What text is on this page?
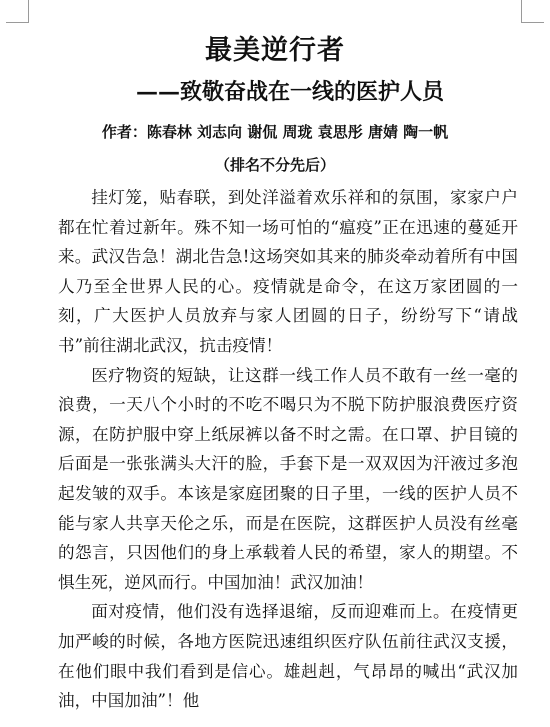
最美逆行者
——致敬奋战在一线的医护人员
作者：陈春林 刘志向 谢侃 周珑 袁思彤 唐婧 陶一帆
（排名不分先后）

挂灯笼，贴春联，到处洋溢着欢乐祥和的氛围，家家户户都在忙着过新年。殊不知一场可怕的“瘟疫”正在迅速的蔓延开来。武汉告急！湖北告急!这场突如其来的肺炎牵动着所有中国人乃至全世界人民的心。疫情就是命令，在这万家团圆的一刻，广大医护人员放弃与家人团圆的日子，纷纷写下“请战书”前往湖北武汉，抗击疫情！

医疗物资的短缺，让这群一线工作人员不敢有一丝一毫的浪费，一天八个小时的不吃不喝只为不脱下防护服浪费医疗资源，在防护服中穿上纸尿裤以备不时之需。在口罩、护目镜的后面是一张张满头大汗的脸，手套下是一双双因为汗液过多泡起发皱的双手。本该是家庭团聚的日子里，一线的医护人员不能与家人共享天伦之乐，而是在医院，这群医护人员没有丝毫的怨言，只因他们的身上承载着人民的希望，家人的期望。不惧生死，逆风而行。中国加油！武汉加油！

面对疫情，他们没有选择退缩，反而迎难而上。在疫情更加严峻的时候，各地方医院迅速组织医疗队伍前往武汉支援，在他们眼中我们看到是信心。雄赳赳，气昂昂的喊出“武汉加油，中国加油”！他
